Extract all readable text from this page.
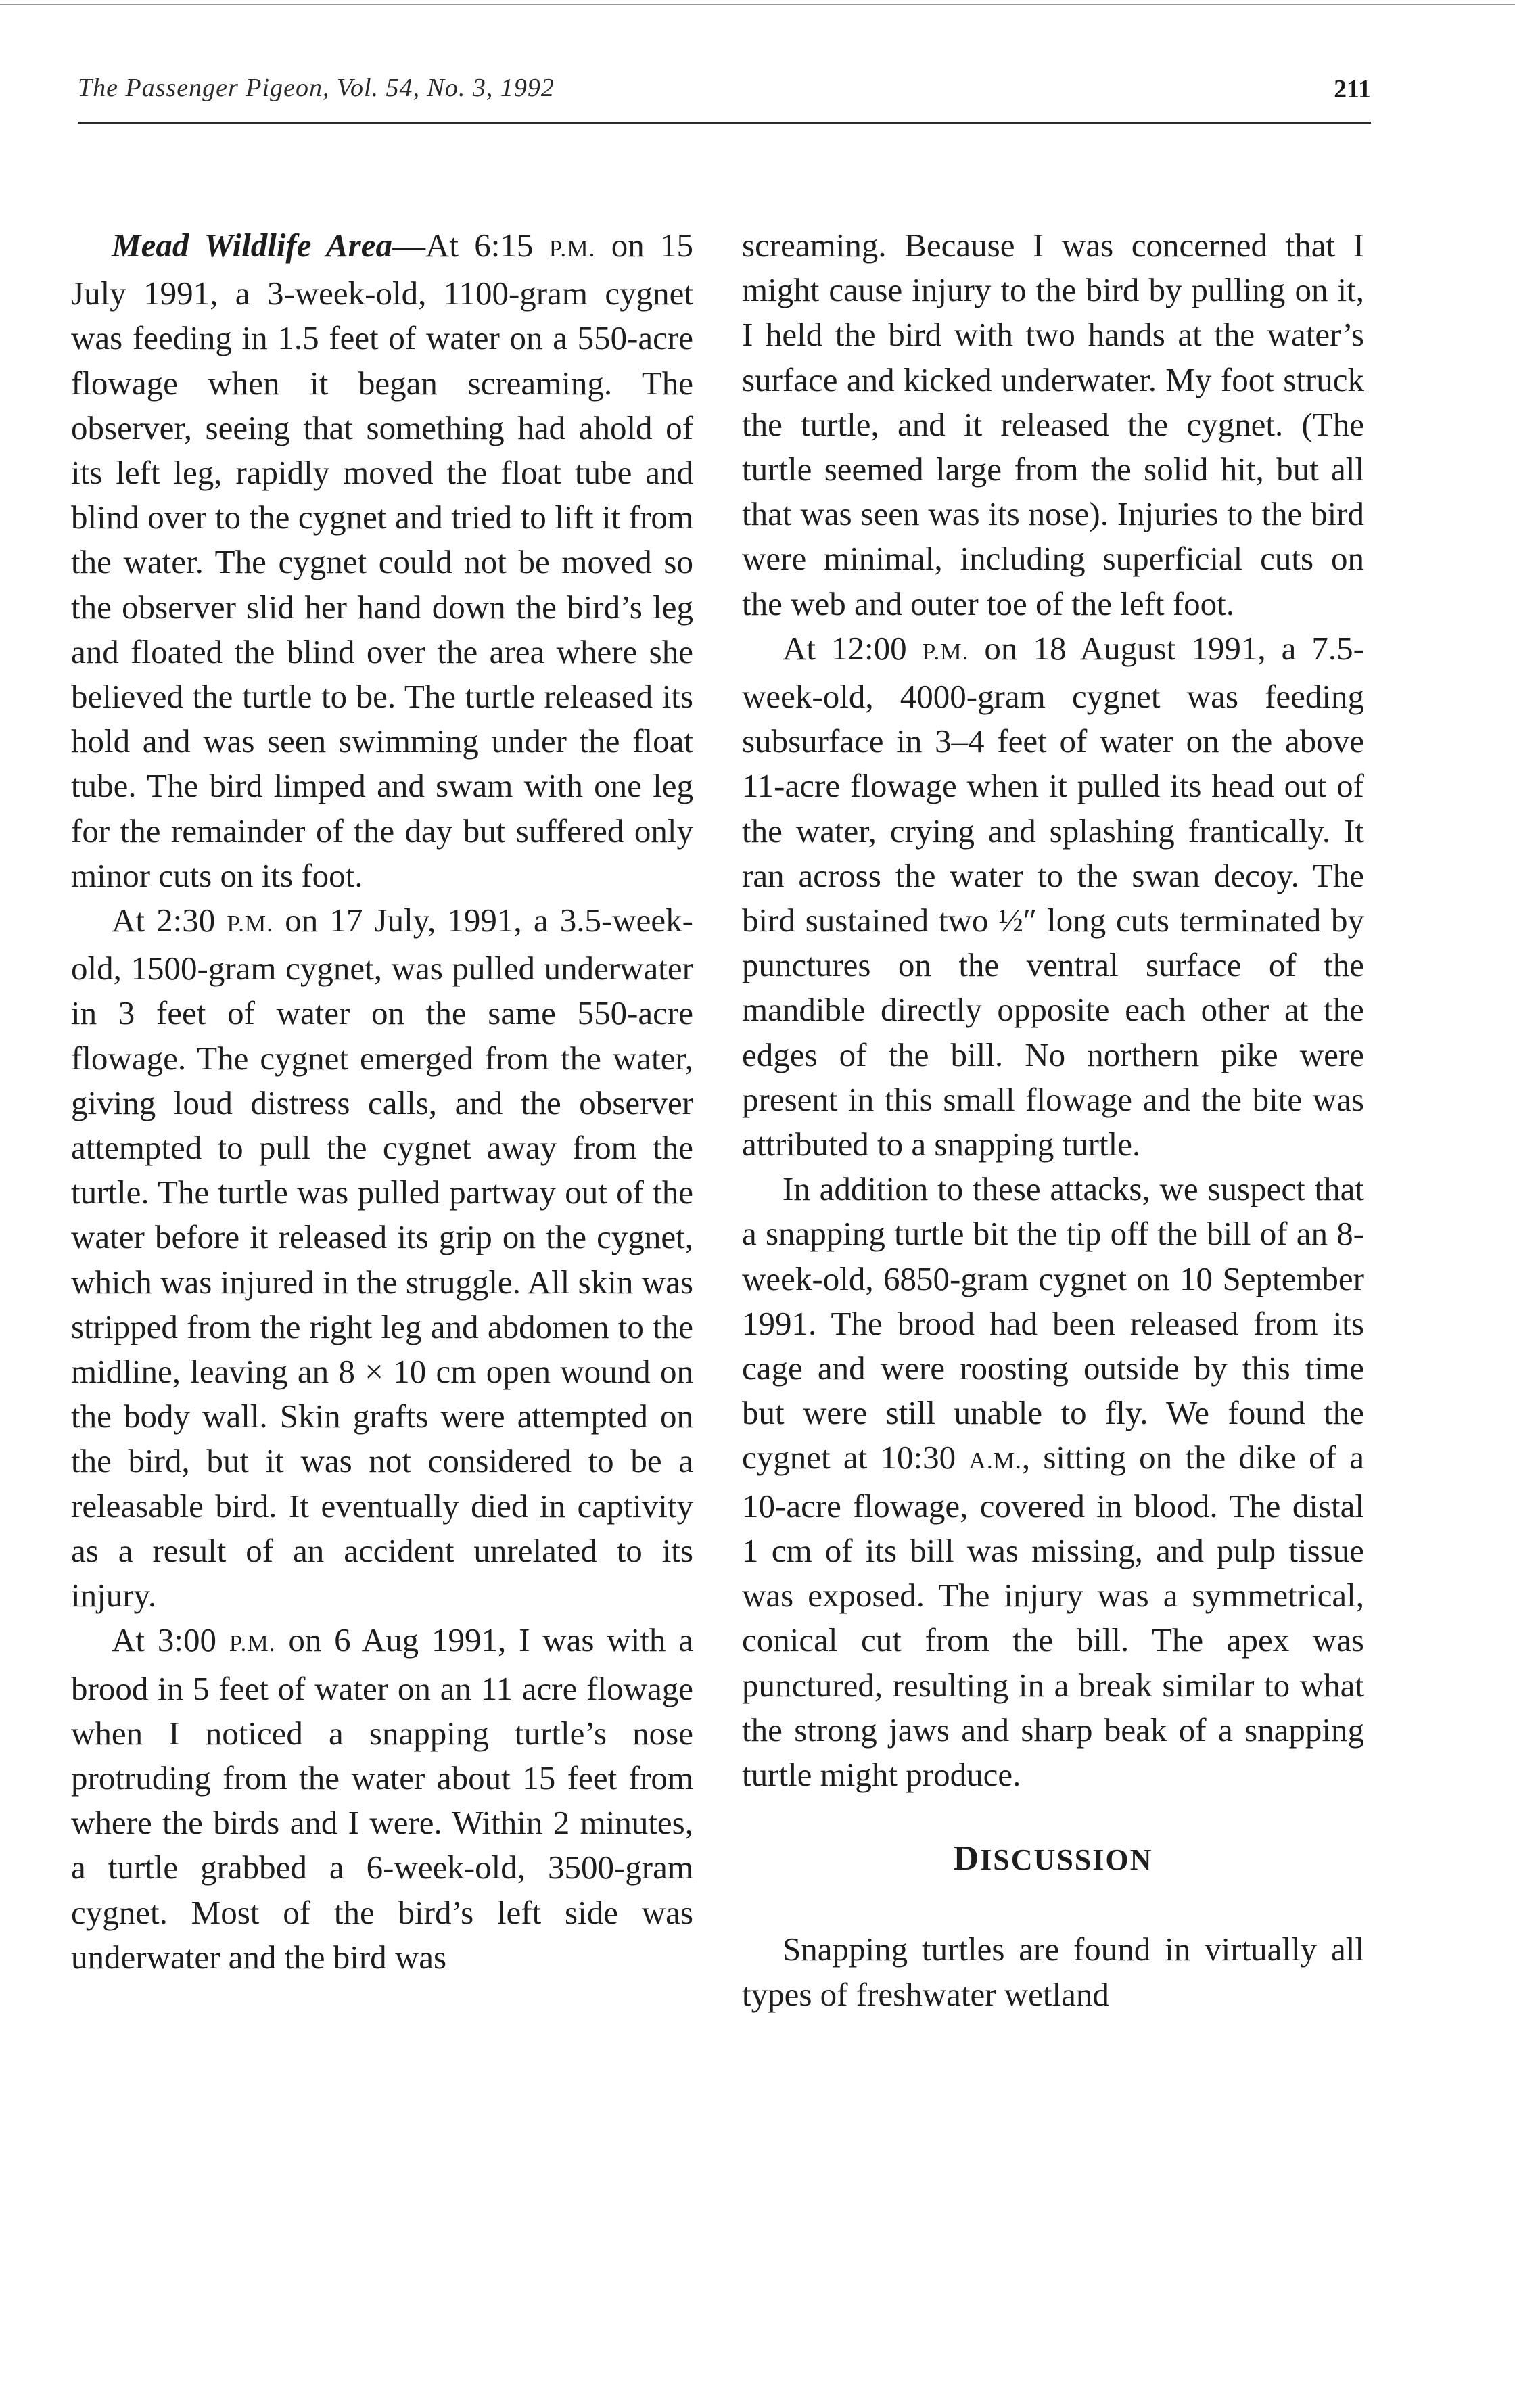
The Passenger Pigeon, Vol. 54, No. 3, 1992	211

Mead Wildlife Area—At 6:15 P.M. on 15 July 1991, a 3-week-old, 1100-gram cygnet was feeding in 1.5 feet of water on a 550-acre flowage when it began screaming. The observer, seeing that something had ahold of its left leg, rapidly moved the float tube and blind over to the cygnet and tried to lift it from the water. The cygnet could not be moved so the observer slid her hand down the bird’s leg and floated the blind over the area where she believed the turtle to be. The turtle released its hold and was seen swimming under the float tube. The bird limped and swam with one leg for the remainder of the day but suffered only minor cuts on its foot.

At 2:30 P.M. on 17 July, 1991, a 3.5-week-old, 1500-gram cygnet, was pulled underwater in 3 feet of water on the same 550-acre flowage. The cygnet emerged from the water, giving loud distress calls, and the observer attempted to pull the cygnet away from the turtle. The turtle was pulled partway out of the water before it released its grip on the cygnet, which was injured in the struggle. All skin was stripped from the right leg and abdomen to the midline, leaving an 8 × 10 cm open wound on the body wall. Skin grafts were attempted on the bird, but it was not considered to be a releasable bird. It eventually died in captivity as a result of an accident unrelated to its injury.

At 3:00 P.M. on 6 Aug 1991, I was with a brood in 5 feet of water on an 11 acre flowage when I noticed a snapping turtle’s nose protruding from the water about 15 feet from where the birds and I were. Within 2 minutes, a turtle grabbed a 6-week-old, 3500-gram cygnet. Most of the bird’s left side was underwater and the bird was

screaming. Because I was concerned that I might cause injury to the bird by pulling on it, I held the bird with two hands at the water’s surface and kicked underwater. My foot struck the turtle, and it released the cygnet. (The turtle seemed large from the solid hit, but all that was seen was its nose). Injuries to the bird were minimal, including superficial cuts on the web and outer toe of the left foot.

At 12:00 P.M. on 18 August 1991, a 7.5-week-old, 4000-gram cygnet was feeding subsurface in 3–4 feet of water on the above 11-acre flowage when it pulled its head out of the water, crying and splashing frantically. It ran across the water to the swan decoy. The bird sustained two ½″ long cuts terminated by punctures on the ventral surface of the mandible directly opposite each other at the edges of the bill. No northern pike were present in this small flowage and the bite was attributed to a snapping turtle.

In addition to these attacks, we suspect that a snapping turtle bit the tip off the bill of an 8-week-old, 6850-gram cygnet on 10 September 1991. The brood had been released from its cage and were roosting outside by this time but were still unable to fly. We found the cygnet at 10:30 A.M., sitting on the dike of a 10-acre flowage, covered in blood. The distal 1 cm of its bill was missing, and pulp tissue was exposed. The injury was a symmetrical, conical cut from the bill. The apex was punctured, resulting in a break similar to what the strong jaws and sharp beak of a snapping turtle might produce.

DISCUSSION

Snapping turtles are found in virtually all types of freshwater wetland
